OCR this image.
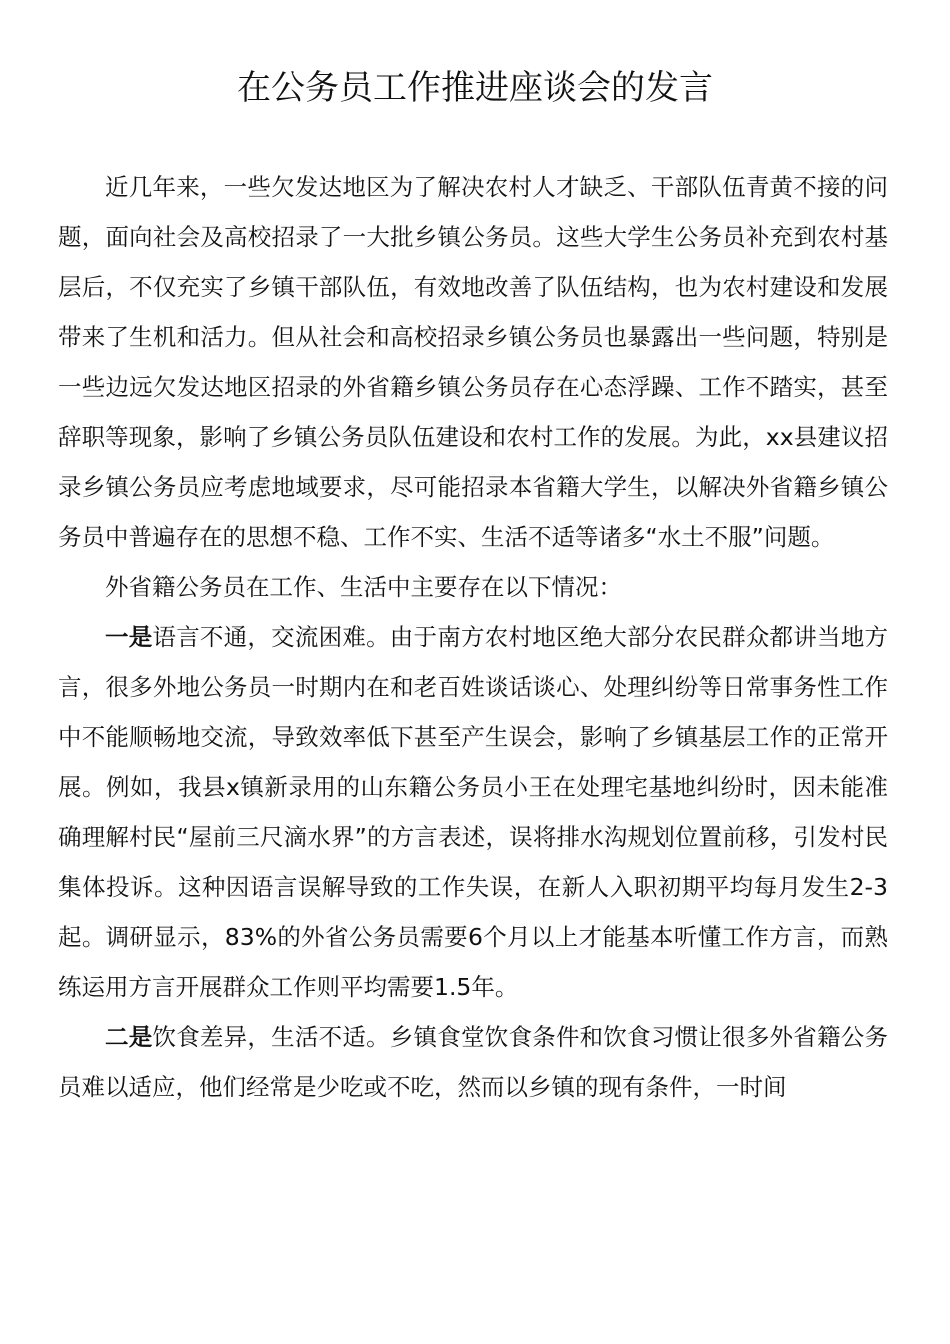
在公务员工作推进座谈会的发言

近几年来，一些欠发达地区为了解决农村人才缺乏、干部队伍青黄不接的问题，面向社会及高校招录了一大批乡镇公务员。这些大学生公务员补充到农村基层后，不仅充实了乡镇干部队伍，有效地改善了队伍结构，也为农村建设和发展带来了生机和活力。但从社会和高校招录乡镇公务员也暴露出一些问题，特别是一些边远欠发达地区招录的外省籍乡镇公务员存在心态浮躁、工作不踏实，甚至辞职等现象，影响了乡镇公务员队伍建设和农村工作的发展。为此，xx县建议招录乡镇公务员应考虑地域要求，尽可能招录本省籍大学生，以解决外省籍乡镇公务员中普遍存在的思想不稳、工作不实、生活不适等诸多“水土不服”问题。

外省籍公务员在工作、生活中主要存在以下情况：

一是语言不通，交流困难。由于南方农村地区绝大部分农民群众都讲当地方言，很多外地公务员一时期内在和老百姓谈话谈心、处理纠纷等日常事务性工作中不能顺畅地交流，导致效率低下甚至产生误会，影响了乡镇基层工作的正常开展。例如，我县x镇新录用的山东籍公务员小王在处理宅基地纠纷时，因未能准确理解村民“屋前三尺滴水界”的方言表述，误将排水沟规划位置前移，引发村民集体投诉。这种因语言误解导致的工作失误，在新人入职初期平均每月发生2-3起。调研显示，83%的外省公务员需要6个月以上才能基本听懂工作方言，而熟练运用方言开展群众工作则平均需要1.5年。

二是饮食差异，生活不适。乡镇食堂饮食条件和饮食习惯让很多外省籍公务员难以适应，他们经常是少吃或不吃，然而以乡镇的现有条件，一时间
